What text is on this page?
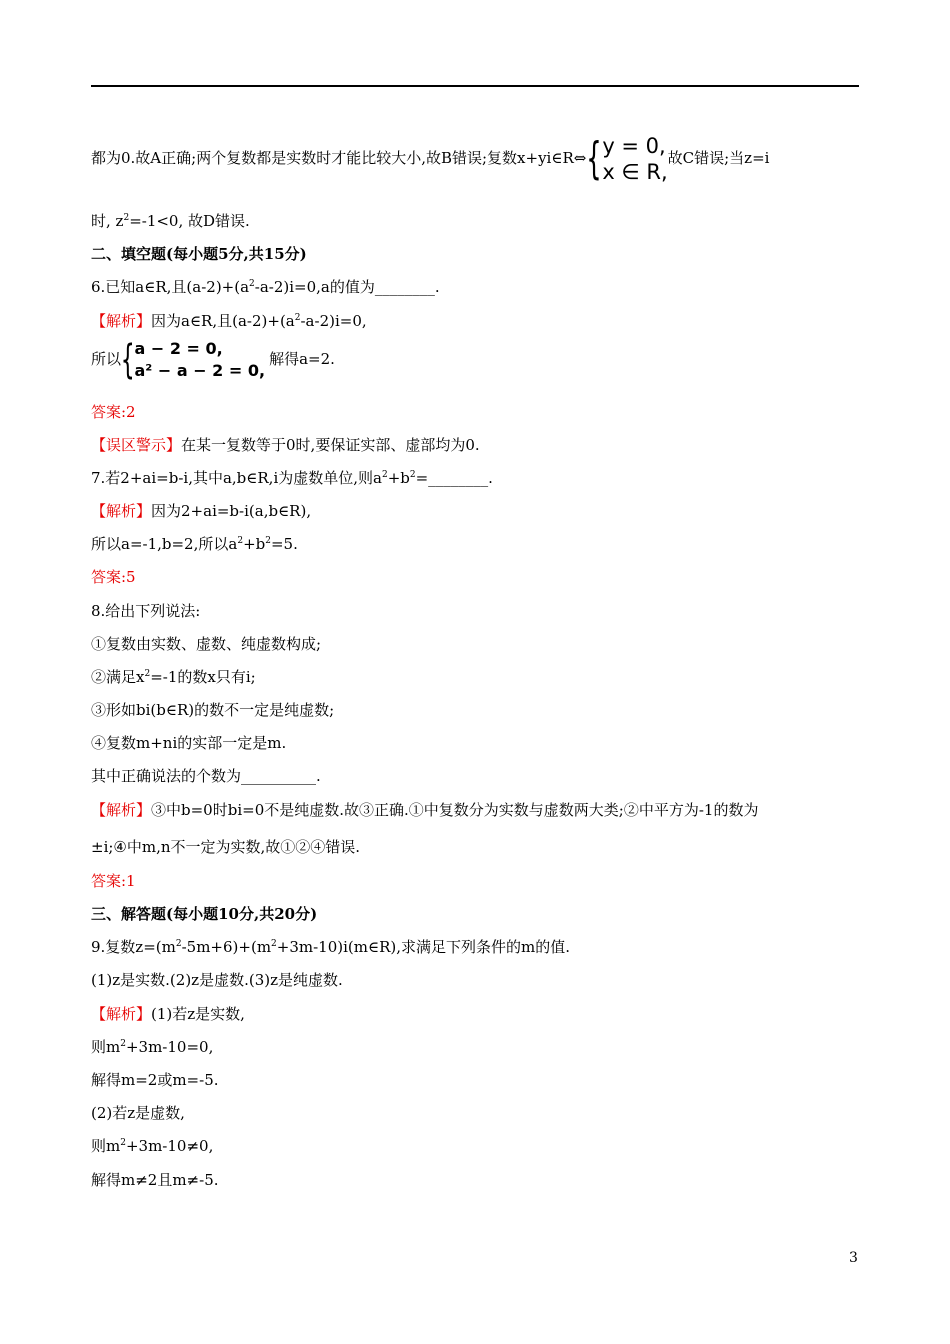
都为0.故A正确;两个复数都是实数时才能比较大小,故B错误;复数x+yi∈R⇔{ y = 0,
x ∈ R,
故C错误;当z=i
时, $z^2=-1<0$, 故D错误.
二、填空题(每小题5分,共15分)
6.已知a∈R,且$(a-2)+(a^2-a-2)i=0,a$的值为________.
【解析】因为a∈R,且$(a-2)+(a^2-a-2)i=0$,
所以{ a − 2 = 0,
a² − a − 2 = 0,
解得a=2.
答案:2
【误区警示】在某一复数等于0时,要保证实部、虚部均为0.
7.若2+ai=b-i,其中a,b∈R,i为虚数单位,则$a^2+b^2=\_\_\_\_\_\_\_\_$.
【解析】因为2+ai=b-i(a,b∈R),
所以a=-1,b=2,所以$a^2+b^2=5$.
答案:5
8.给出下列说法:
①复数由实数、虚数、纯虚数构成;
②满足$x^2=-1$的数x只有i;
③形如bi(b∈R)的数不一定是纯虚数;
④复数m+ni的实部一定是m.
其中正确说法的个数为__________.
【解析】③中b=0时bi=0不是纯虚数.故③正确.①中复数分为实数与虚数两大类;②中平方为-1的数为
±i;④中m,n不一定为实数,故①②④错误.
答案:1
三、解答题(每小题10分,共20分)
9.复数$z=(m^2-5m+6)+(m^2+3m-10)i(m\in R)$,求满足下列条件的m的值.
(1)z是实数.(2)z是虚数.(3)z是纯虚数.
【解析】(1)若z是实数,
则$m^2+3m-10=0$,
解得m=2或m=-5.
(2)若z是虚数,
则$m^2+3m-10\ne 0$,
解得m≠2且m≠-5.
3
